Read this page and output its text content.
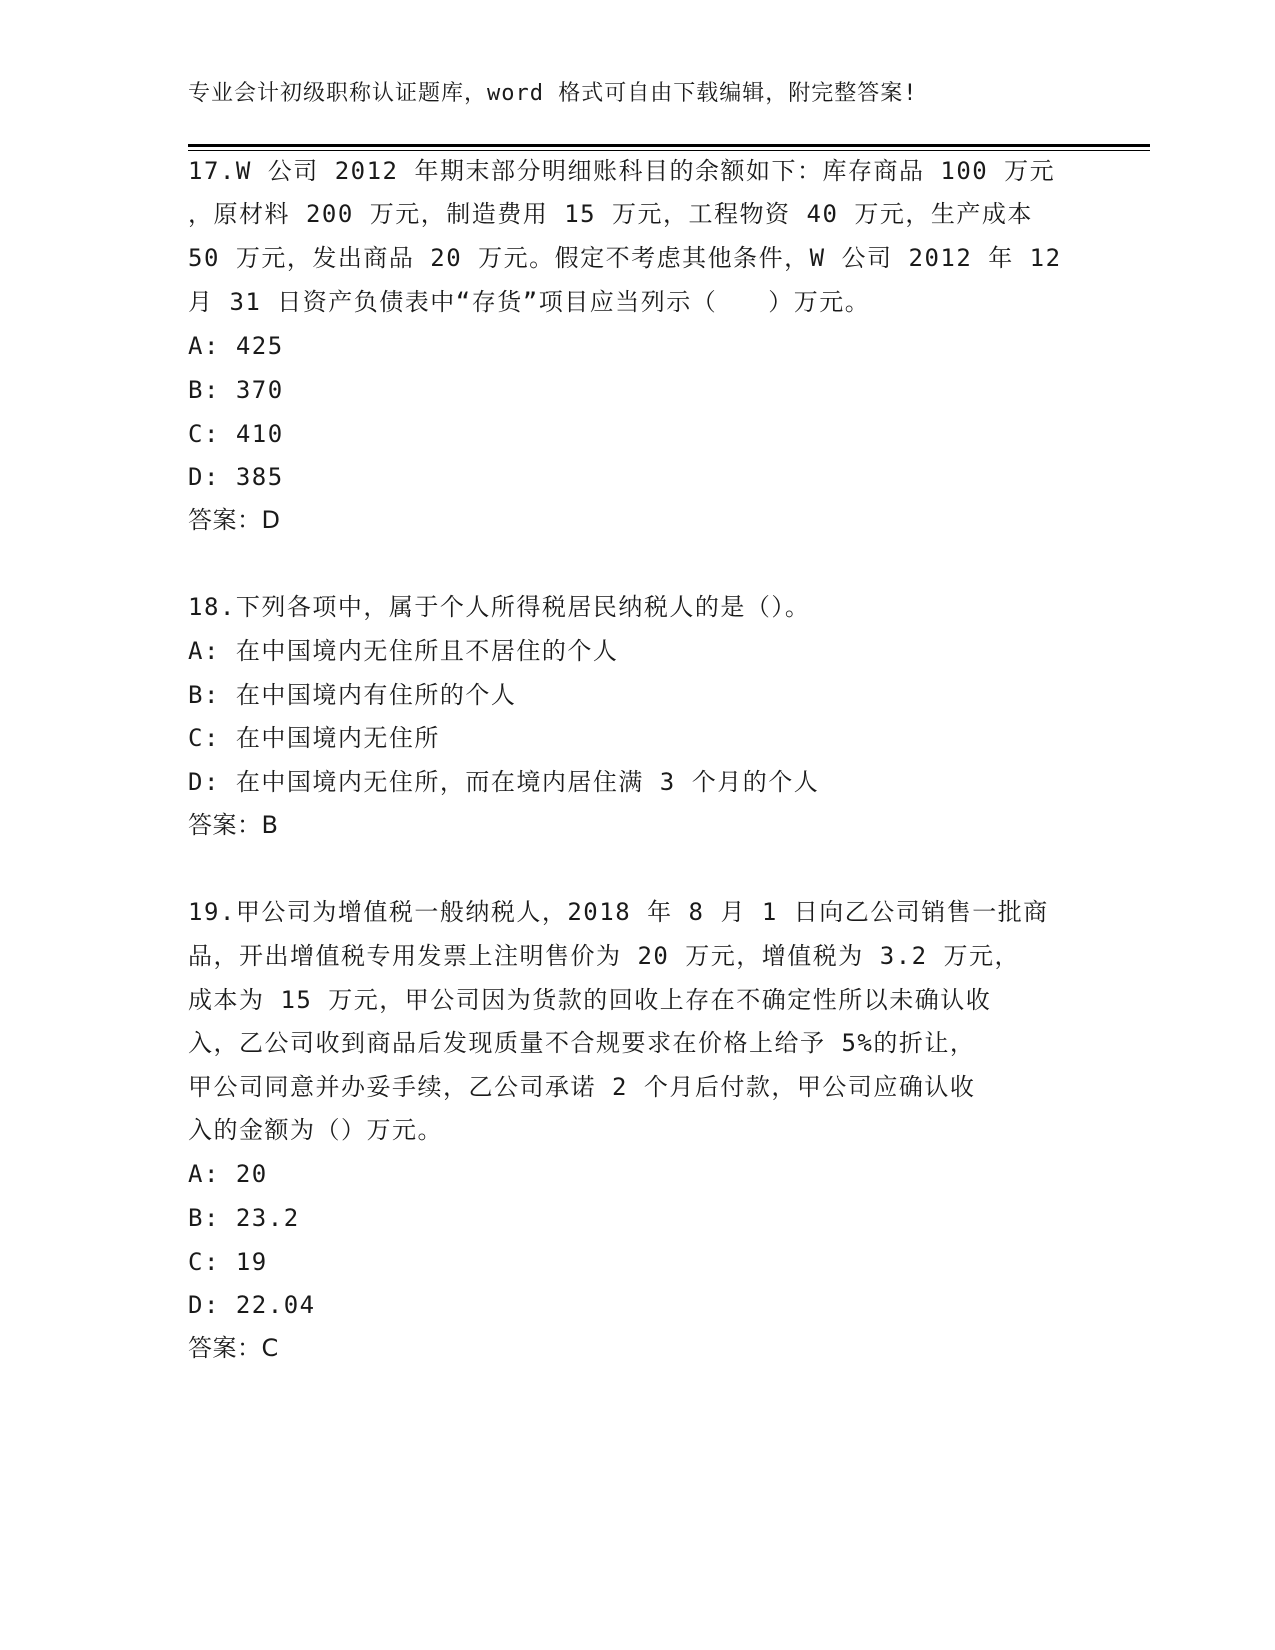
专业会计初级职称认证题库，word 格式可自由下载编辑，附完整答案!
17.W 公司 2012 年期末部分明细账科目的余额如下：库存商品 100 万元
，原材料 200 万元，制造费用 15 万元，工程物资 40 万元，生产成本
50 万元，发出商品 20 万元。假定不考虑其他条件，W 公司 2012 年 12
月 31 日资产负债表中“存货”项目应当列示（　　）万元。
A: 425
B: 370
C: 410
D: 385
答案：D
18.下列各项中，属于个人所得税居民纳税人的是（）。
A: 在中国境内无住所且不居住的个人
B: 在中国境内有住所的个人
C: 在中国境内无住所
D: 在中国境内无住所，而在境内居住满 3 个月的个人
答案：B
19.甲公司为增值税一般纳税人，2018 年 8 月 1 日向乙公司销售一批商
品，开出增值税专用发票上注明售价为 20 万元，增值税为 3.2 万元，
成本为 15 万元，甲公司因为货款的回收上存在不确定性所以未确认收
入，乙公司收到商品后发现质量不合规要求在价格上给予 5%的折让，
甲公司同意并办妥手续，乙公司承诺 2 个月后付款，甲公司应确认收
入的金额为（）万元。
A: 20
B: 23.2
C: 19
D: 22.04
答案：C
